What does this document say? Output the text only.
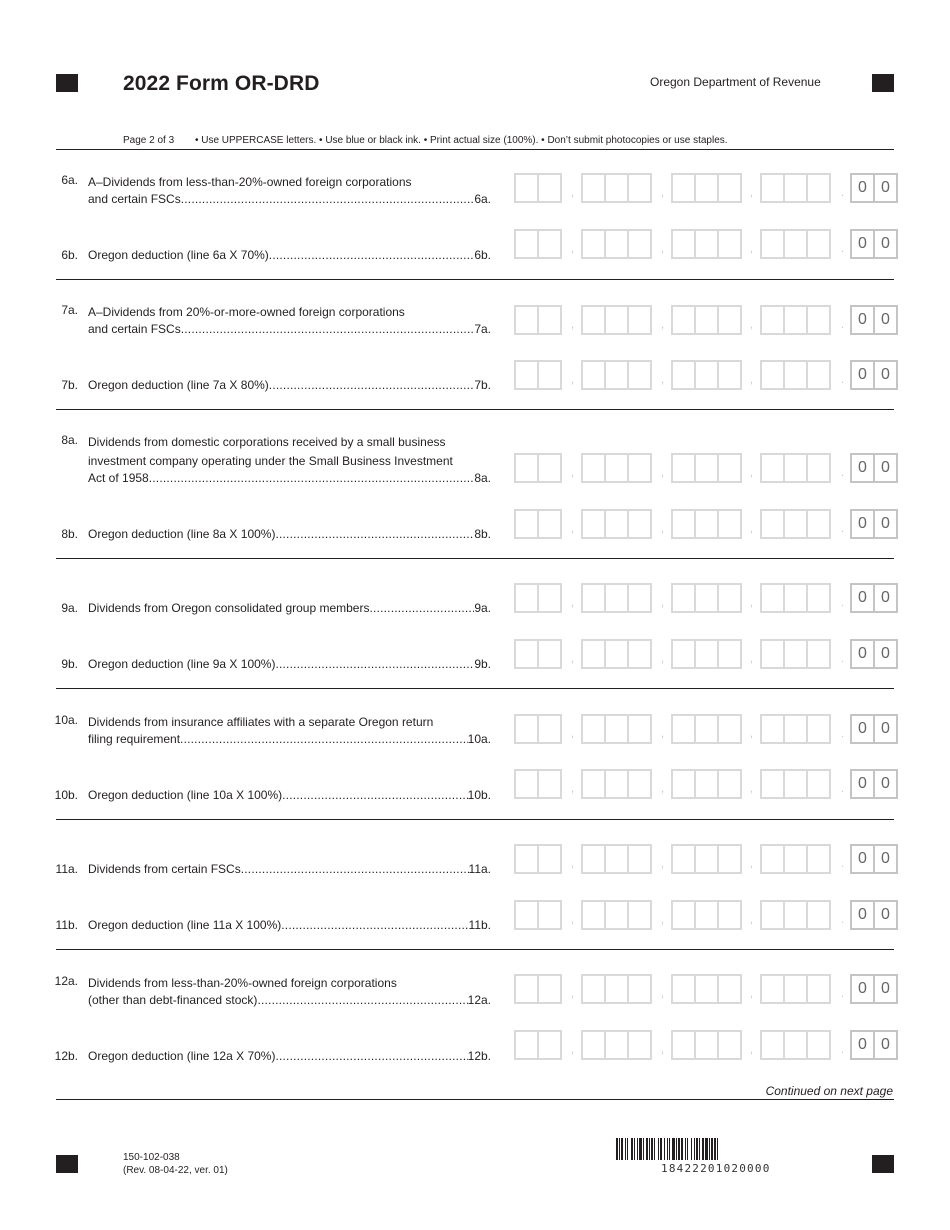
2022 Form OR-DRD	Oregon Department of Revenue
Page 2 of 3 • Use UPPERCASE letters. • Use blue or black ink. • Print actual size (100%). • Don’t submit photocopies or use staples.
6a. A–Dividends from less-than-20%-owned foreign corporations
and certain FSCs .....	6a.	,	,	,	. 0 0
6b. Oregon deduction (line 6a X 70%) .....	6b.	,	,	,	. 0 0
7a. A–Dividends from 20%-or-more-owned foreign corporations
and certain FSCs .....	7a.	,	,	,	. 0 0
7b. Oregon deduction (line 7a X 80%) .....	7b.	,	,	,	. 0 0
8a. Dividends from domestic corporations received by a small business
investment company operating under the Small Business Investment
Act of 1958 .....	8a.	,	,	,	. 0 0
8b. Oregon deduction (line 8a X 100%) .....	8b.	,	,	,	. 0 0
9a. Dividends from Oregon consolidated group members .....	9a.	,	,	,	. 0 0
9b. Oregon deduction (line 9a X 100%) .....	9b.	,	,	,	. 0 0
10a. Dividends from insurance affiliates with a separate Oregon return
filing requirement .....	10a.	,	,	,	. 0 0
10b. Oregon deduction (line 10a X 100%) .....	10b.	,	,	,	. 0 0
11a. Dividends from certain FSCs .....	11a.	,	,	,	. 0 0
11b. Oregon deduction (line 11a X 100%) .....	11b.	,	,	,	. 0 0
12a. Dividends from less-than-20%-owned foreign corporations
(other than debt-financed stock) .....	12a.	,	,	,	. 0 0
12b. Oregon deduction (line 12a X 70%) .....	12b.	,	,	,	. 0 0
Continued on next page
150-102-038
(Rev. 08-04-22, ver. 01)	18422201020000
